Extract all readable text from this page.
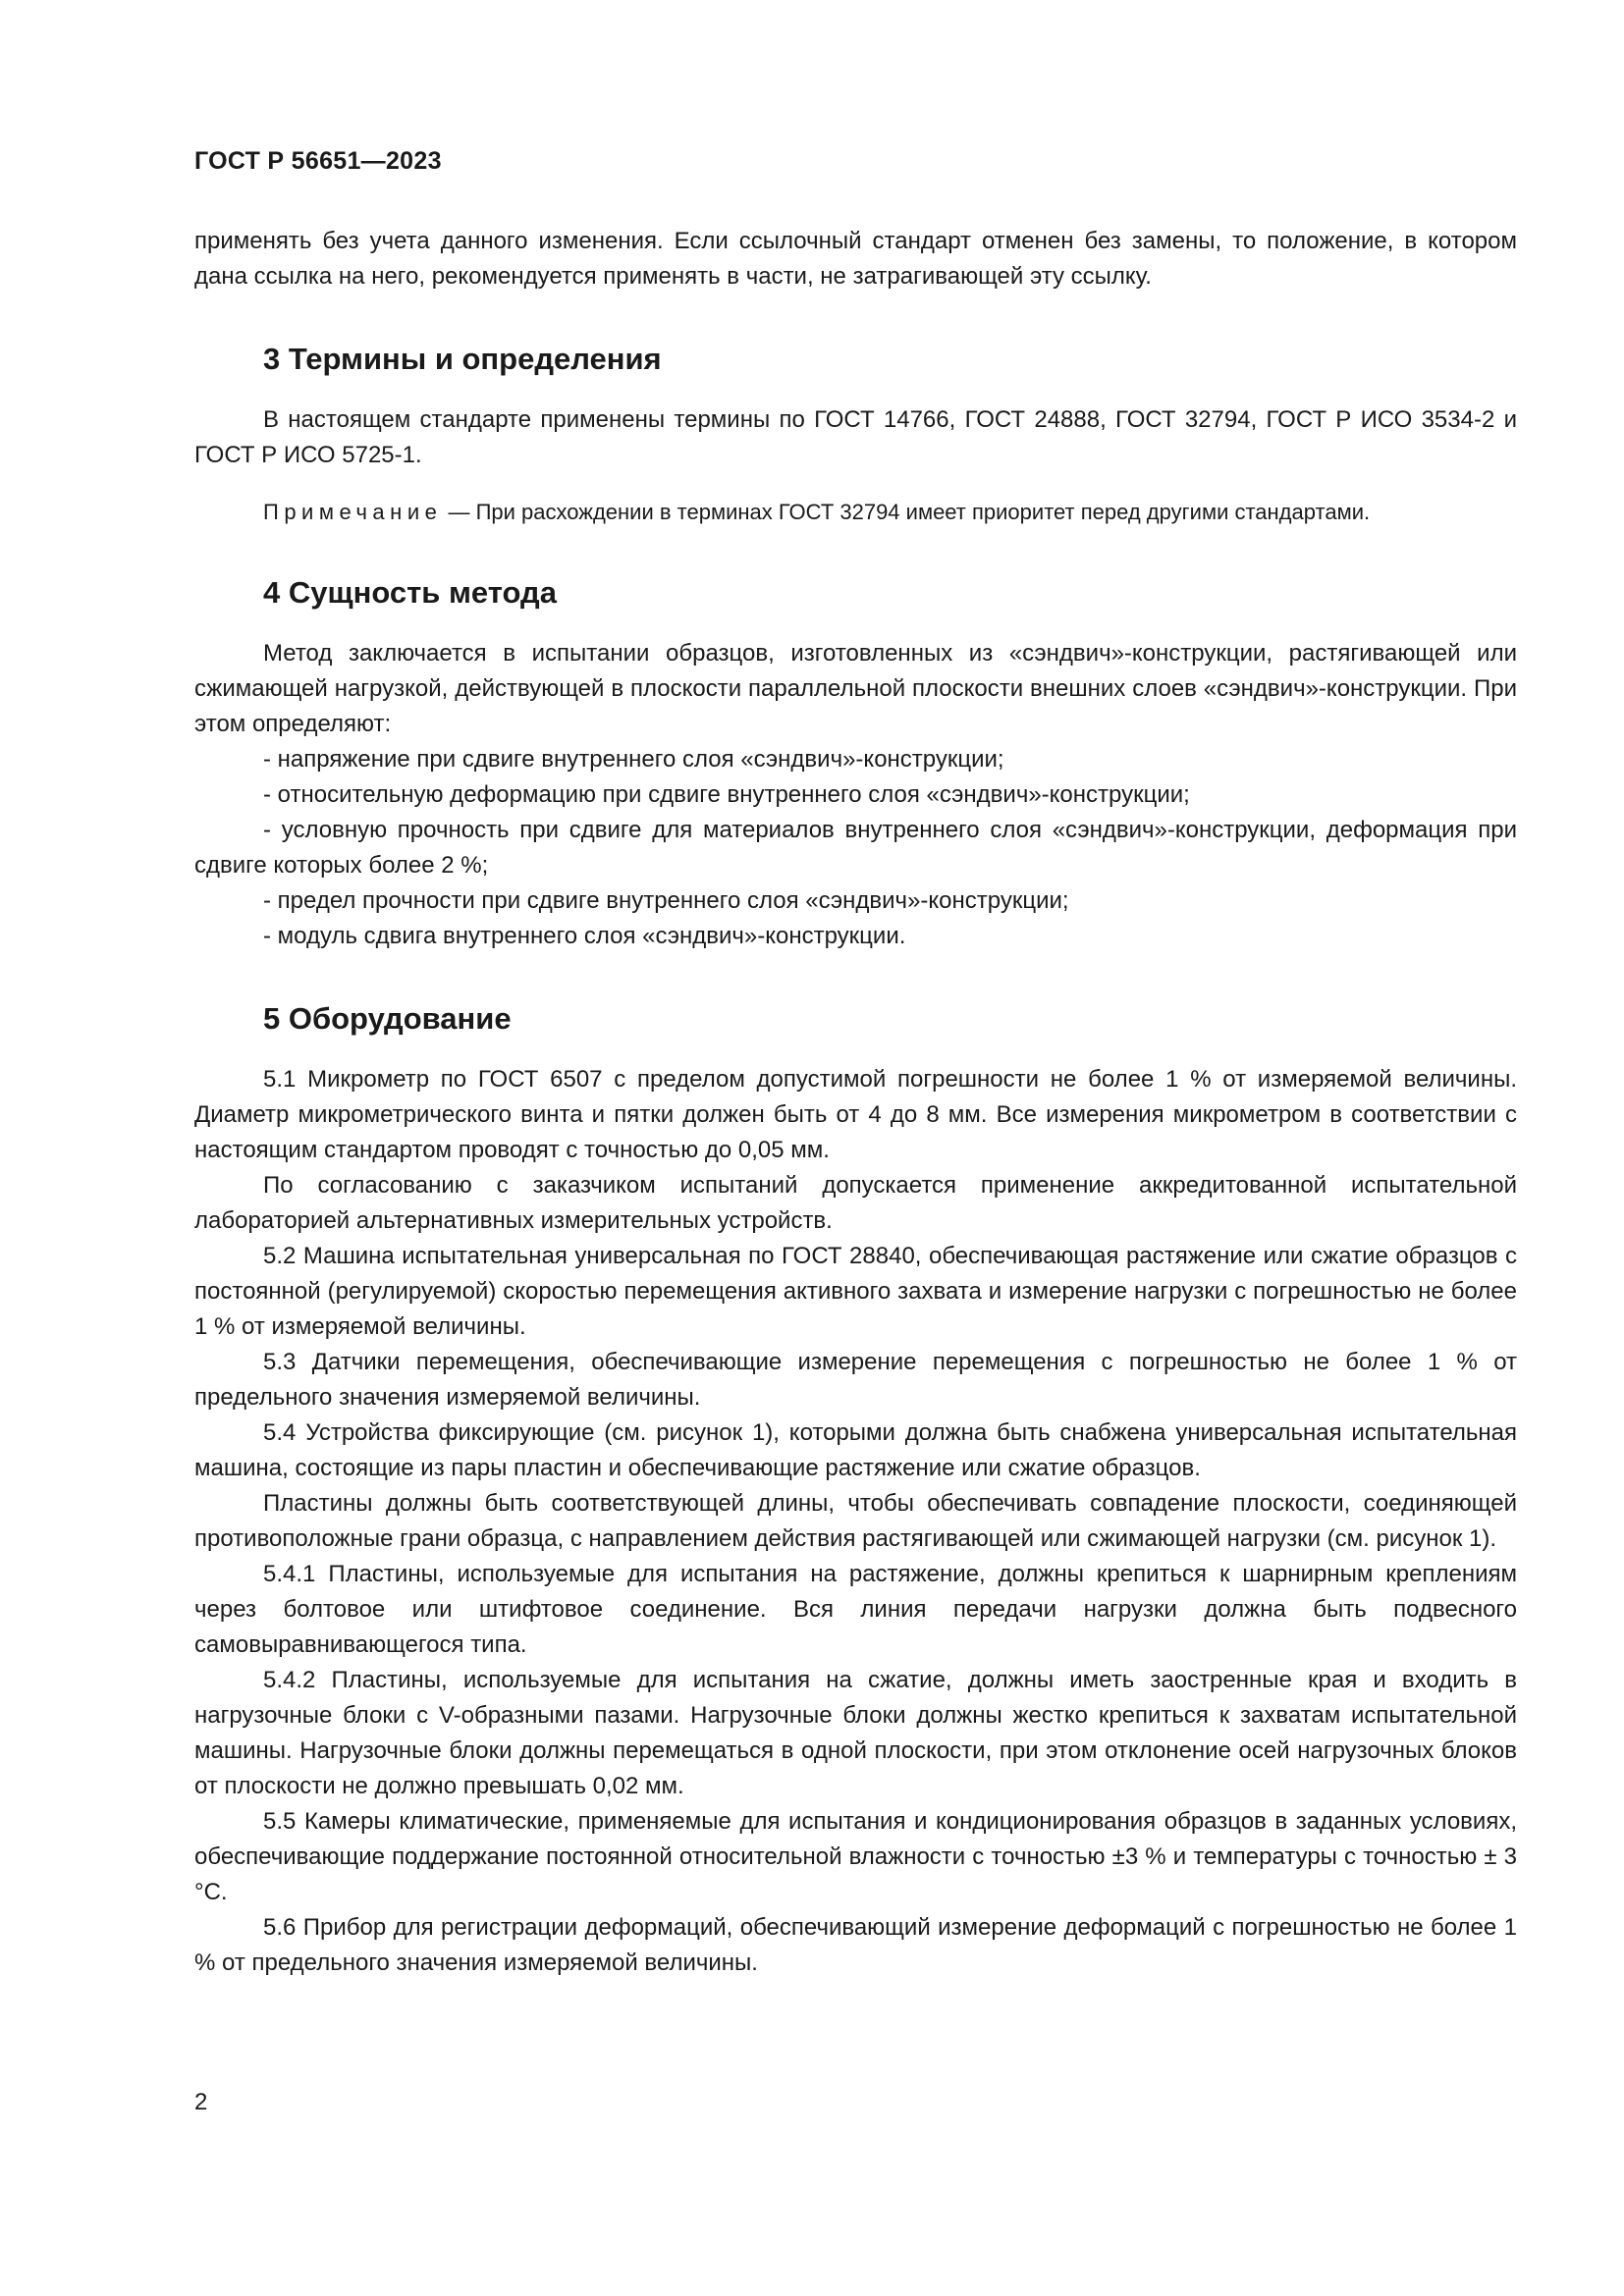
ГОСТ Р 56651—2023

применять без учета данного изменения. Если ссылочный стандарт отменен без замены, то положение, в котором дана ссылка на него, рекомендуется применять в части, не затрагивающей эту ссылку.

3 Термины и определения

В настоящем стандарте применены термины по ГОСТ 14766, ГОСТ 24888, ГОСТ 32794, ГОСТ Р ИСО 3534-2 и ГОСТ Р ИСО 5725-1.

Примечание — При расхождении в терминах ГОСТ 32794 имеет приоритет перед другими стандартами.

4 Сущность метода

Метод заключается в испытании образцов, изготовленных из «сэндвич»-конструкции, растягивающей или сжимающей нагрузкой, действующей в плоскости параллельной плоскости внешних слоев «сэндвич»-конструкции. При этом определяют:

- напряжение при сдвиге внутреннего слоя «сэндвич»-конструкции;

- относительную деформацию при сдвиге внутреннего слоя «сэндвич»-конструкции;

- условную прочность при сдвиге для материалов внутреннего слоя «сэндвич»-конструкции, деформация при сдвиге которых более 2 %;

- предел прочности при сдвиге внутреннего слоя «сэндвич»-конструкции;

- модуль сдвига внутреннего слоя «сэндвич»-конструкции.

5 Оборудование

5.1 Микрометр по ГОСТ 6507 с пределом допустимой погрешности не более 1 % от измеряемой величины. Диаметр микрометрического винта и пятки должен быть от 4 до 8 мм. Все измерения микрометром в соответствии с настоящим стандартом проводят с точностью до 0,05 мм.

По согласованию с заказчиком испытаний допускается применение аккредитованной испытательной лабораторией альтернативных измерительных устройств.

5.2 Машина испытательная универсальная по ГОСТ 28840, обеспечивающая растяжение или сжатие образцов с постоянной (регулируемой) скоростью перемещения активного захвата и измерение нагрузки с погрешностью не более 1 % от измеряемой величины.

5.3 Датчики перемещения, обеспечивающие измерение перемещения с погрешностью не более 1 % от предельного значения измеряемой величины.

5.4 Устройства фиксирующие (см. рисунок 1), которыми должна быть снабжена универсальная испытательная машина, состоящие из пары пластин и обеспечивающие растяжение или сжатие образцов.

Пластины должны быть соответствующей длины, чтобы обеспечивать совпадение плоскости, соединяющей противоположные грани образца, с направлением действия растягивающей или сжимающей нагрузки (см. рисунок 1).

5.4.1 Пластины, используемые для испытания на растяжение, должны крепиться к шарнирным креплениям через болтовое или штифтовое соединение. Вся линия передачи нагрузки должна быть подвесного самовыравнивающегося типа.

5.4.2 Пластины, используемые для испытания на сжатие, должны иметь заостренные края и входить в нагрузочные блоки с V-образными пазами. Нагрузочные блоки должны жестко крепиться к захватам испытательной машины. Нагрузочные блоки должны перемещаться в одной плоскости, при этом отклонение осей нагрузочных блоков от плоскости не должно превышать 0,02 мм.

5.5 Камеры климатические, применяемые для испытания и кондиционирования образцов в заданных условиях, обеспечивающие поддержание постоянной относительной влажности с точностью ±3 % и температуры с точностью ± 3 °C.

5.6 Прибор для регистрации деформаций, обеспечивающий измерение деформаций с погрешностью не более 1 % от предельного значения измеряемой величины.

2
